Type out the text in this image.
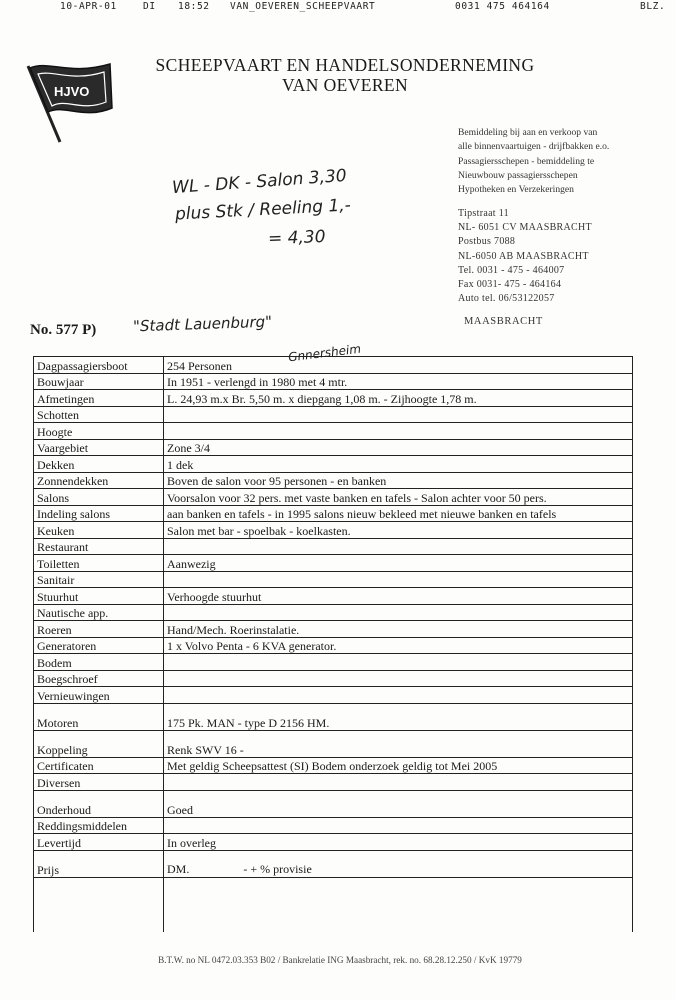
10-APR-01	DI 18:52 VAN_OEVEREN_SCHEEPVAART	0031 475 464164	BLZ.
HJVO
SCHEEPVAART EN HANDELSONDERNEMING
VAN OEVEREN
Bemiddeling bij aan en verkoop van
alle binnenvaartuigen - drijfbakken e.o.
Passagiersschepen - bemiddeling te
Nieuwbouw passagiersschepen
Hypotheken en Verzekeringen
Tipstraat 11
NL- 6051 CV MAASBRACHT
Postbus 7088
NL-6050 AB MAASBRACHT
Tel. 0031 - 475 - 464007
Fax 0031- 475 - 464164
Auto tel. 06/53122057
WL - DK - Salon 3,30
plus Stk / Reeling 1,-
= 4,30
No. 577 P) "Stadt Lauenburg"	MAASBRACHT
Gnnersheim
Dagpassagiersboot	254 Personen
Bouwjaar	In 1951 - verlengd in 1980 met 4 mtr.
Afmetingen	L. 24,93 m.x Br. 5,50 m. x diepgang 1,08 m. - Zijhoogte 1,78 m.
Schotten	
Hoogte	
Vaargebiet	Zone 3/4
Dekken	1 dek
Zonnendekken	Boven de salon voor 95 personen - en banken
Salons	Voorsalon voor 32 pers. met vaste banken en tafels - Salon achter voor 50 pers.
Indeling salons	aan banken en tafels - in 1995 salons nieuw bekleed met nieuwe banken en tafels
Keuken	Salon met bar - spoelbak - koelkasten.
Restaurant	
Toiletten	Aanwezig
Sanitair	
Stuurhut	Verhoogde stuurhut
Nautische app.	
Roeren	Hand/Mech. Roerinstalatie.
Generatoren	1 x Volvo Penta - 6 KVA generator.
Bodem	
Boegschroef	
Vernieuwingen	
Motoren	175 Pk. MAN - type D 2156 HM.
Koppeling	Renk SWV 16 -
Certificaten	Met geldig Scheepsattest (SI) Bodem onderzoek geldig tot Mei 2005
Diversen	
Onderhoud	Goed
Reddingsmiddelen	
Levertijd	In overleg
Prijs	DM. - + % provisie

B.T.W. no NL 0472.03.353 B02 / Bankrelatie ING Maasbracht, rek. no. 68.28.12.250 / KvK 19779
